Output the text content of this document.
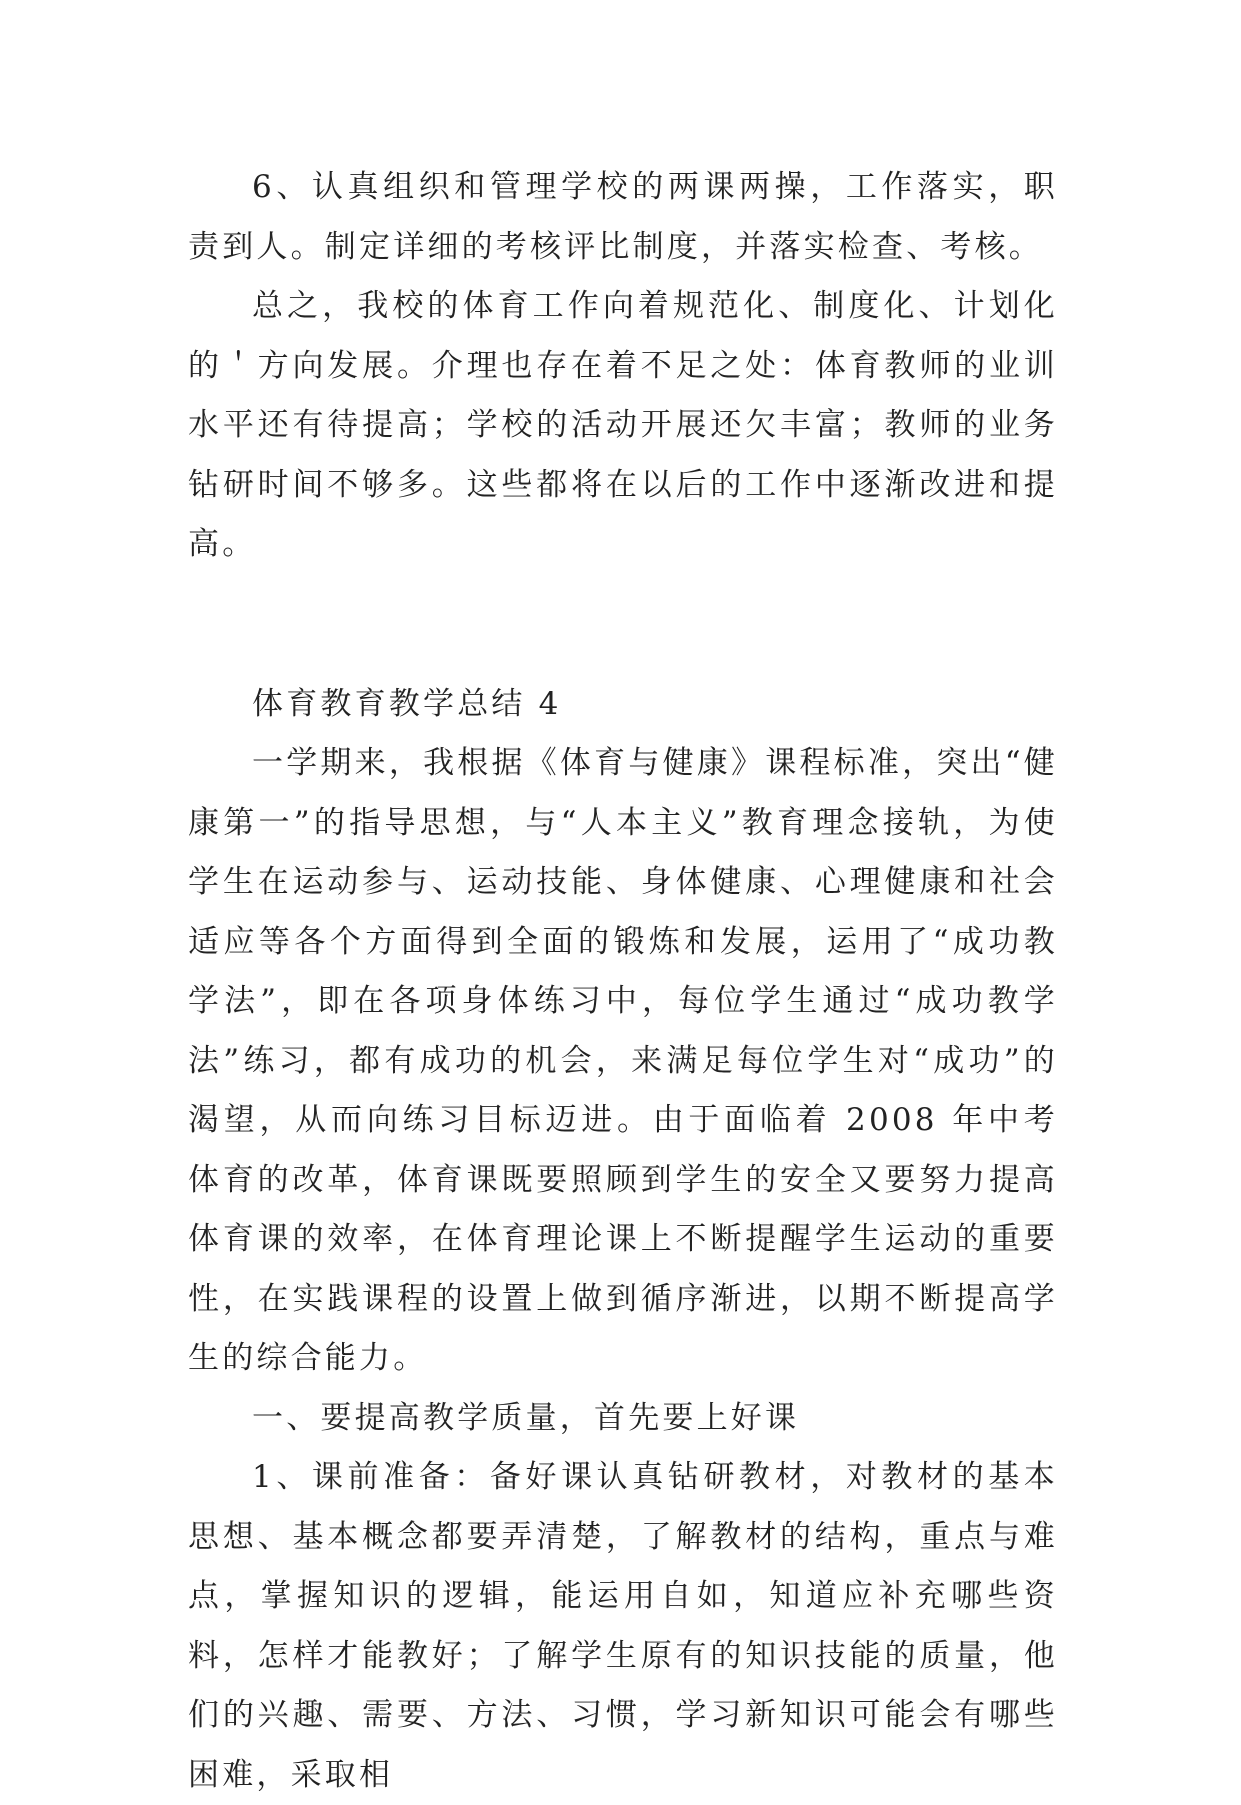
6、认真组织和管理学校的两课两操，工作落实，职责到人。制定详细的考核评比制度，并落实检查、考核。

总之，我校的体育工作向着规范化、制度化、计划化的＇方向发展。介理也存在着不足之处：体育教师的业训水平还有待提高；学校的活动开展还欠丰富；教师的业务钻研时间不够多。这些都将在以后的工作中逐渐改进和提高。

体育教育教学总结 4

一学期来，我根据《体育与健康》课程标准，突出“健康第一”的指导思想，与“人本主义”教育理念接轨，为使学生在运动参与、运动技能、身体健康、心理健康和社会适应等各个方面得到全面的锻炼和发展，运用了“成功教学法”，即在各项身体练习中，每位学生通过“成功教学法”练习，都有成功的机会，来满足每位学生对“成功”的渴望，从而向练习目标迈进。由于面临着 2008 年中考体育的改革，体育课既要照顾到学生的安全又要努力提高体育课的效率，在体育理论课上不断提醒学生运动的重要性，在实践课程的设置上做到循序渐进，以期不断提高学生的综合能力。

一、要提高教学质量，首先要上好课

1、课前准备：备好课认真钻研教材，对教材的基本思想、基本概念都要弄清楚，了解教材的结构，重点与难点，掌握知识的逻辑，能运用自如，知道应补充哪些资料，怎样才能教好；了解学生原有的知识技能的质量，他们的兴趣、需要、方法、习惯，学习新知识可能会有哪些困难，采取相
